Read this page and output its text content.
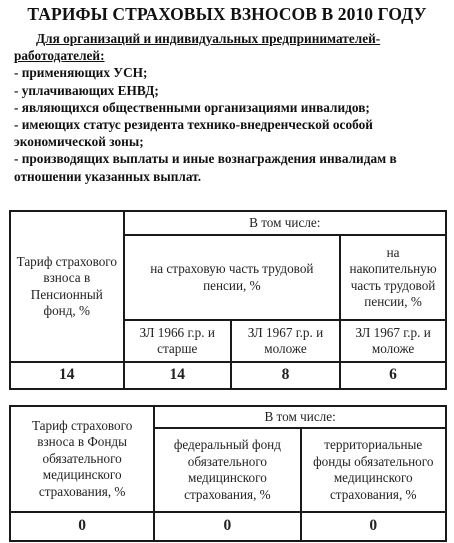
ТАРИФЫ СТРАХОВЫХ ВЗНОСОВ В 2010 ГОДУ
Для организаций и индивидуальных предпринимателей-
работодателей:
- применяющих УСН;
- уплачивающих ЕНВД;
- являющихся общественными организациями инвалидов;
- имеющих статус резидента технико-внедренческой особой
экономической зоны;
- производящих выплаты и иные вознаграждения инвалидам в
отношении указанных выплат.
Тариф страхового взноса в Пенсионный фонд, %	В том числе:		
	на страховую часть трудовой пенсии, %		на накопительную часть трудовой пенсии, %
	ЗЛ 1966 г.р. и старше	ЗЛ 1967 г.р. и моложе	ЗЛ 1967 г.р. и моложе
14	14	8	6
Тариф страхового взноса в Фонды обязательного медицинского страхования, %	В том числе:	
	федеральный фонд обязательного медицинского страхования, %	территориальные фонды обязательного медицинского страхования, %
0	0	0
